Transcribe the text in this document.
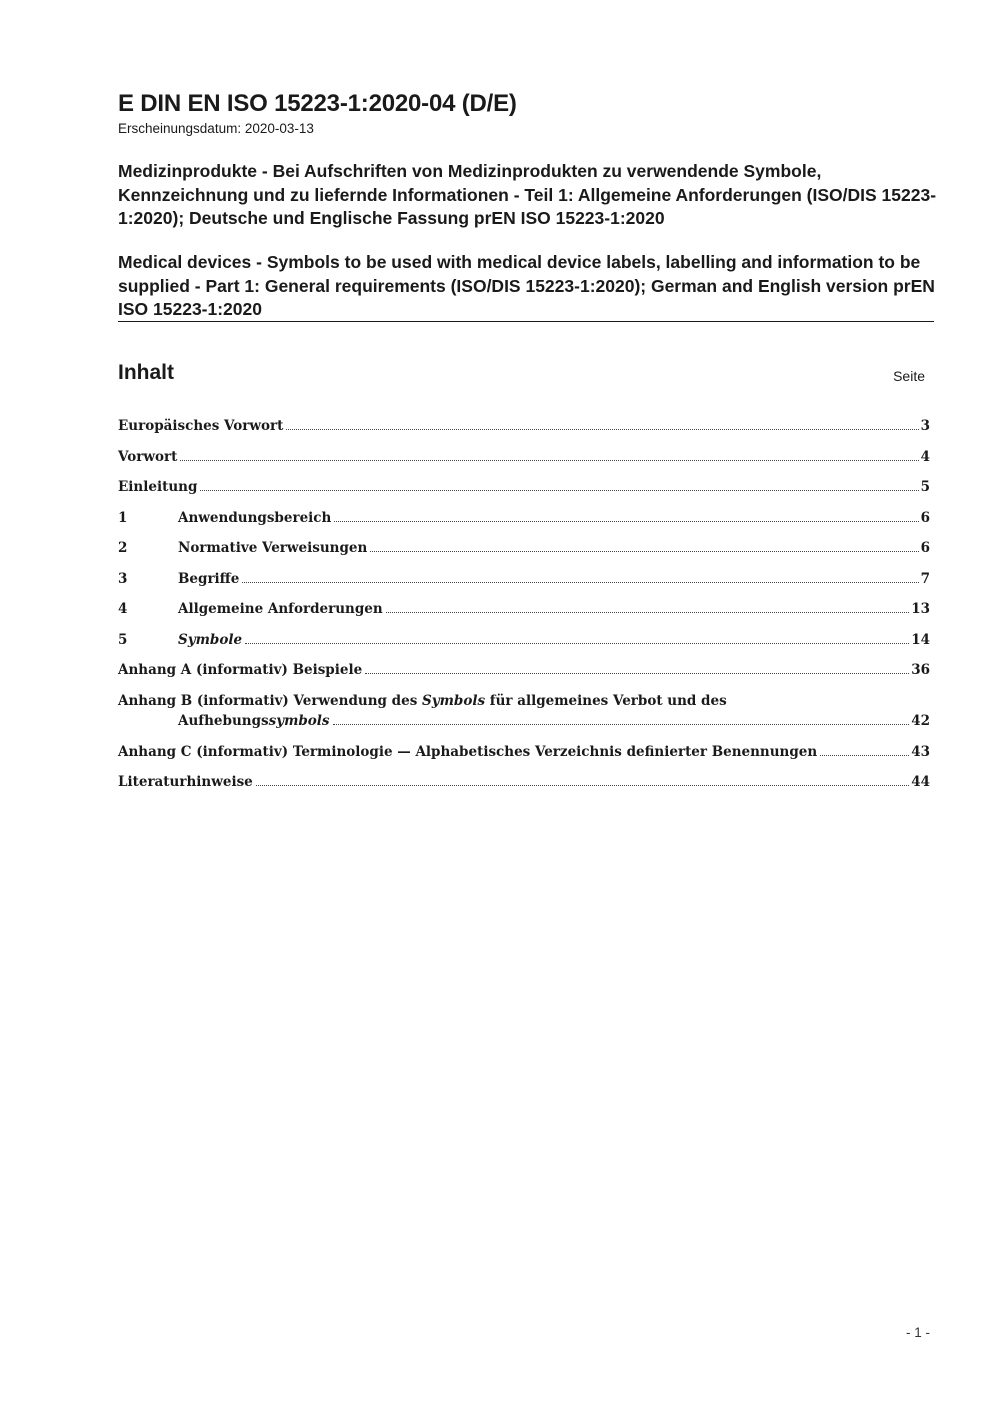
E DIN EN ISO 15223-1:2020-04 (D/E)

Erscheinungsdatum: 2020-03-13

Medizinprodukte - Bei Aufschriften von Medizinprodukten zu verwendende Symbole, Kennzeichnung und zu liefernde Informationen - Teil 1: Allgemeine Anforderungen (ISO/DIS 15223-1:2020); Deutsche und Englische Fassung prEN ISO 15223-1:2020

Medical devices - Symbols to be used with medical device labels, labelling and information to be supplied - Part 1: General requirements (ISO/DIS 15223-1:2020); German and English version prEN ISO 15223-1:2020

Inhalt	Seite
Europäisches Vorwort	3
Vorwort	4
Einleitung	5
1	Anwendungsbereich	6
2	Normative Verweisungen	6
3	Begriffe	7
4	Allgemeine Anforderungen	13
5	Symbole	14
Anhang A (informativ) Beispiele	36
Anhang B (informativ) Verwendung des Symbols für allgemeines Verbot und des
Aufhebungssymbols	42
Anhang C (informativ) Terminologie — Alphabetisches Verzeichnis definierter Benennungen	43
Literaturhinweise	44

- 1 -
